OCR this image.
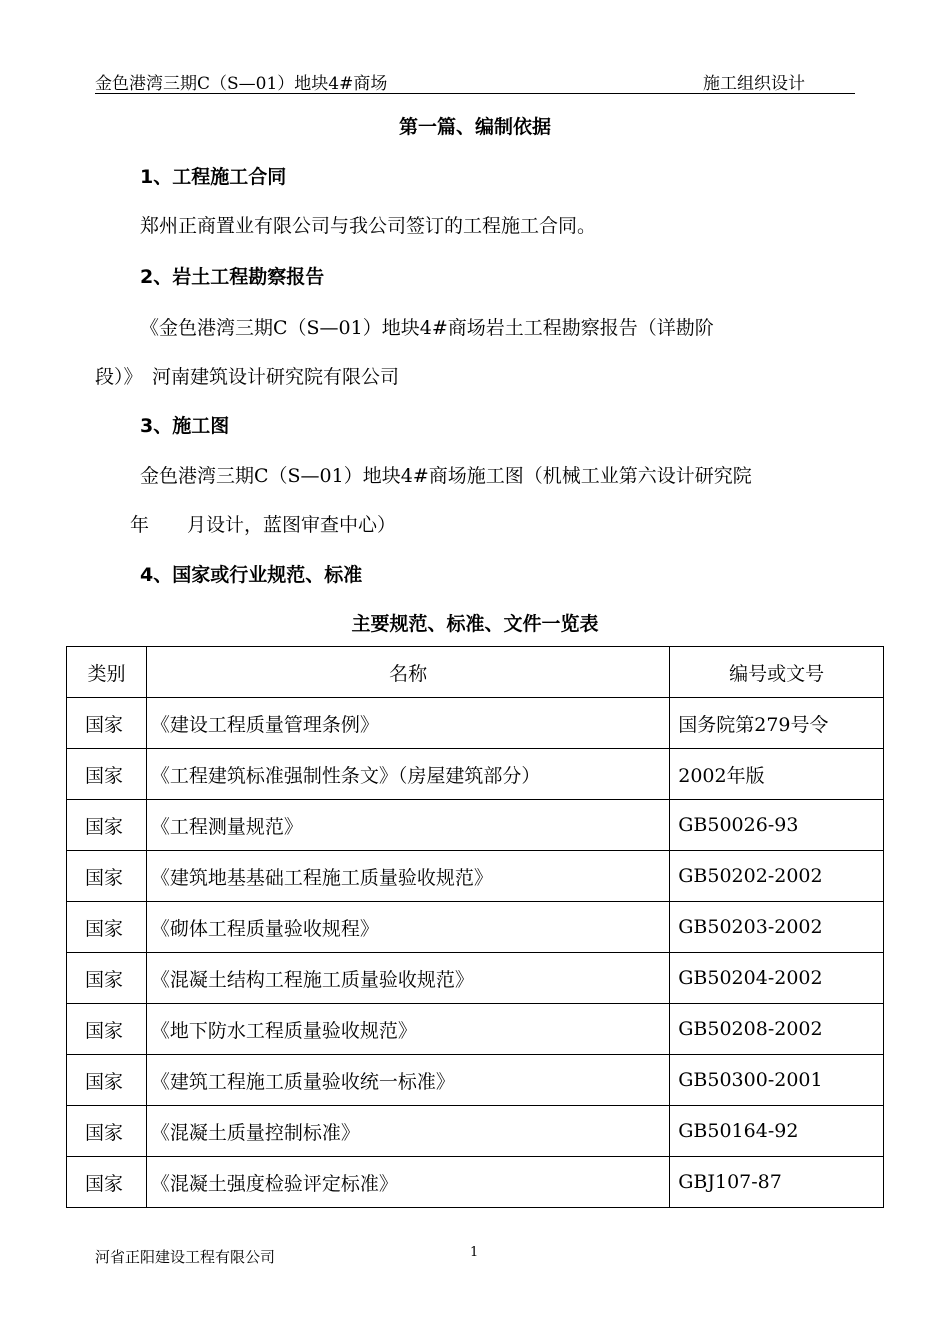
金色港湾三期C（S—01）地块4#商场	施工组织设计
第一篇、编制依据
1、工程施工合同
郑州正商置业有限公司与我公司签订的工程施工合同。
2、岩土工程勘察报告
《金色港湾三期C（S—01）地块4#商场岩土工程勘察报告（详勘阶
段）》　河南建筑设计研究院有限公司
3、施工图
金色港湾三期C（S—01）地块4#商场施工图（机械工业第六设计研究院
年　　月设计，蓝图审查中心）
4、国家或行业规范、标准
主要规范、标准、文件一览表
类别	名称	编号或文号
国家	《建设工程质量管理条例》	国务院第279号令
国家	《工程建筑标准强制性条文》（房屋建筑部分）	2002年版
国家	《工程测量规范》	GB50026-93
国家	《建筑地基基础工程施工质量验收规范》	GB50202-2002
国家	《砌体工程质量验收规程》	GB50203-2002
国家	《混凝土结构工程施工质量验收规范》	GB50204-2002
国家	《地下防水工程质量验收规范》	GB50208-2002
国家	《建筑工程施工质量验收统一标准》	GB50300-2001
国家	《混凝土质量控制标准》	GB50164-92
国家	《混凝土强度检验评定标准》	GBJ107-87
河省正阳建设工程有限公司	1
